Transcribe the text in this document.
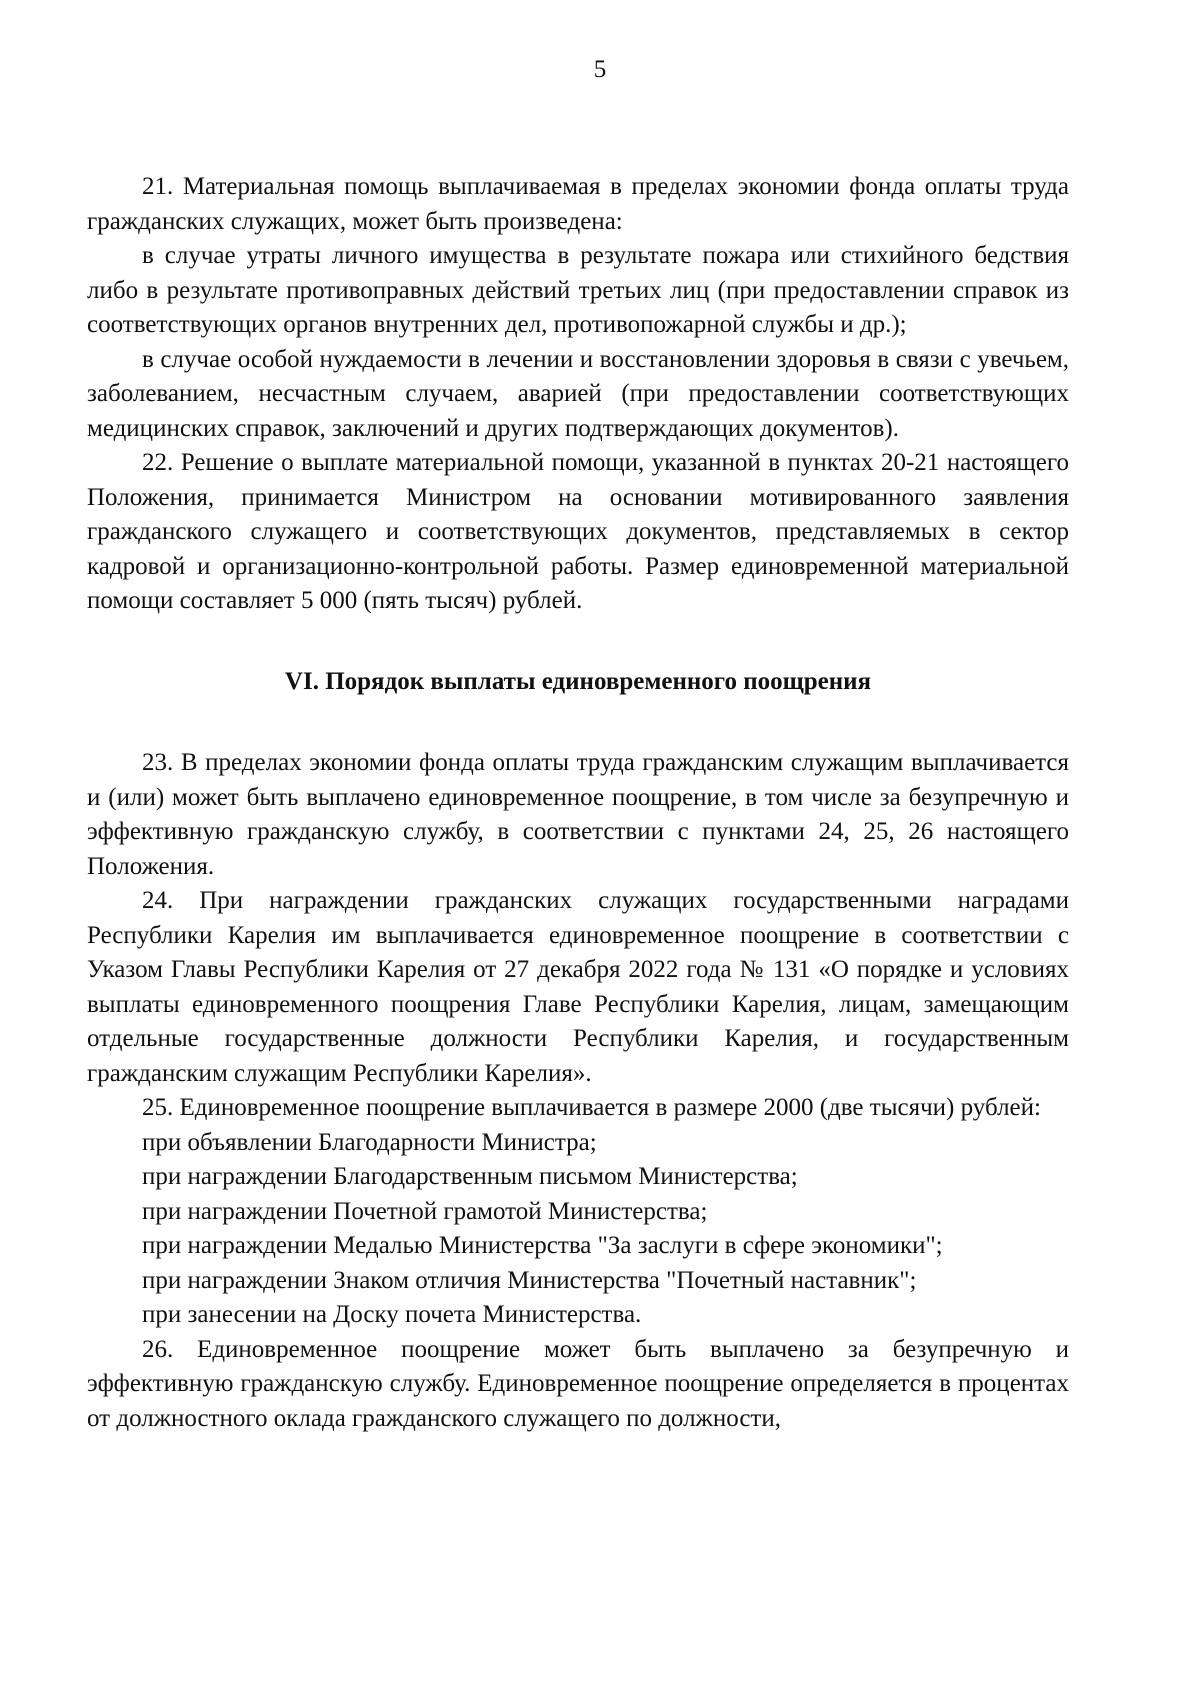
5

21. Материальная помощь выплачиваемая в пределах экономии фонда оплаты труда гражданских служащих, может быть произведена:

в случае утраты личного имущества в результате пожара или стихийного бедствия либо в результате противоправных действий третьих лиц (при предоставлении справок из соответствующих органов внутренних дел, противопожарной службы и др.);

в случае особой нуждаемости в лечении и восстановлении здоровья в связи с увечьем, заболеванием, несчастным случаем, аварией (при предоставлении соответствующих медицинских справок, заключений и других подтверждающих документов).

22. Решение о выплате материальной помощи, указанной в пунктах 20-21 настоящего Положения, принимается Министром на основании мотивированного заявления гражданского служащего и соответствующих документов, представляемых в сектор кадровой и организационно-контрольной работы. Размер единовременной материальной помощи составляет 5 000 (пять тысяч) рублей.

VI. Порядок выплаты единовременного поощрения

23. В пределах экономии фонда оплаты труда гражданским служащим выплачивается и (или) может быть выплачено единовременное поощрение, в том числе за безупречную и эффективную гражданскую службу, в соответствии с пунктами 24, 25, 26 настоящего Положения.

24. При награждении гражданских служащих государственными наградами Республики Карелия им выплачивается единовременное поощрение в соответствии с Указом Главы Республики Карелия от 27 декабря 2022 года № 131 «О порядке и условиях выплаты единовременного поощрения Главе Республики Карелия, лицам, замещающим отдельные государственные должности Республики Карелия, и государственным гражданским служащим Республики Карелия».

25. Единовременное поощрение выплачивается в размере 2000 (две тысячи) рублей:

при объявлении Благодарности Министра;

при награждении Благодарственным письмом Министерства;

при награждении Почетной грамотой Министерства;

при награждении Медалью Министерства "За заслуги в сфере экономики";

при награждении Знаком отличия Министерства "Почетный наставник";

при занесении на Доску почета Министерства.

26. Единовременное поощрение может быть выплачено за безупречную и эффективную гражданскую службу. Единовременное поощрение определяется в процентах от должностного оклада гражданского служащего по должности,
